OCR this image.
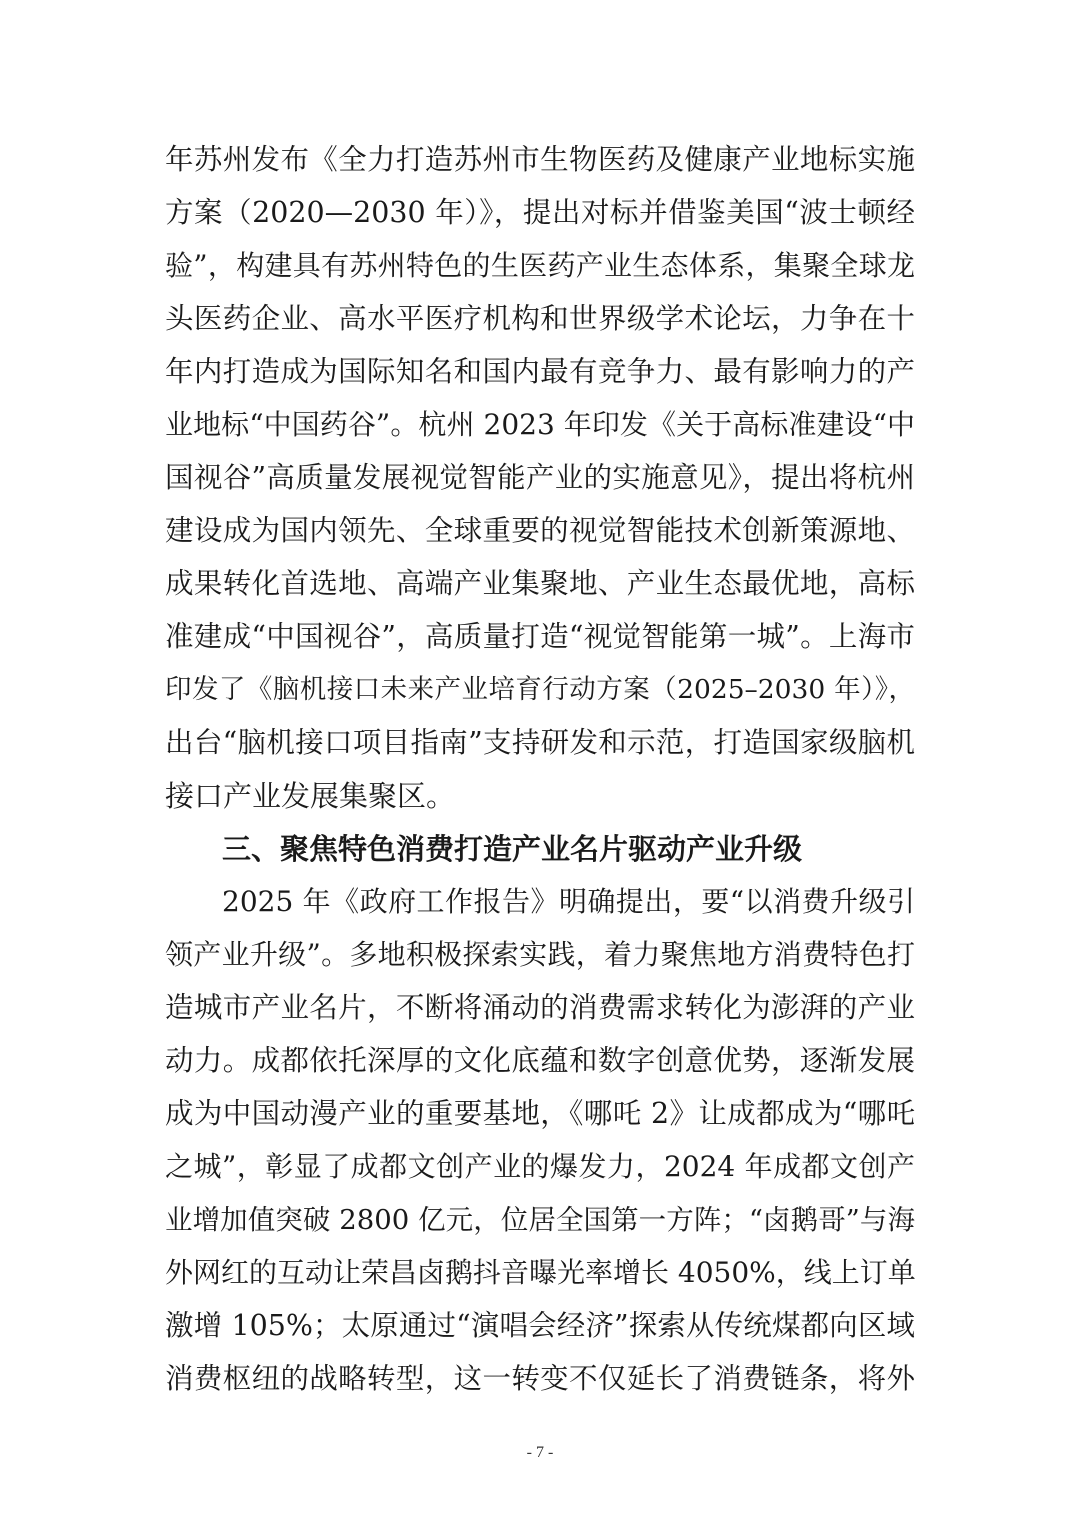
年苏州发布《全力打造苏州市生物医药及健康产业地标实施
方案（2020—2030 年）》，提出对标并借鉴美国“波士顿经
验”，构建具有苏州特色的生医药产业生态体系，集聚全球龙
头医药企业、高水平医疗机构和世界级学术论坛，力争在十
年内打造成为国际知名和国内最有竞争力、最有影响力的产
业地标“中国药谷”。杭州 2023 年印发《关于高标准建设“中
国视谷”高质量发展视觉智能产业的实施意见》，提出将杭州
建设成为国内领先、全球重要的视觉智能技术创新策源地、
成果转化首选地、高端产业集聚地、产业生态最优地，高标
准建成“中国视谷”，高质量打造“视觉智能第一城”。上海市
印发了《脑机接口未来产业培育行动方案（2025–2030 年）》，
出台“脑机接口项目指南”支持研发和示范，打造国家级脑机
接口产业发展集聚区。
三、聚焦特色消费打造产业名片驱动产业升级
2025 年《政府工作报告》明确提出，要“以消费升级引
领产业升级”。多地积极探索实践，着力聚焦地方消费特色打
造城市产业名片，不断将涌动的消费需求转化为澎湃的产业
动力。成都依托深厚的文化底蕴和数字创意优势，逐渐发展
成为中国动漫产业的重要基地，《哪吒 2》让成都成为“哪吒
之城”，彰显了成都文创产业的爆发力，2024 年成都文创产
业增加值突破 2800 亿元，位居全国第一方阵；“卤鹅哥”与海
外网红的互动让荣昌卤鹅抖音曝光率增长 4050%，线上订单
激增 105%；太原通过“演唱会经济”探索从传统煤都向区域
消费枢纽的战略转型，这一转变不仅延长了消费链条，将外
- 7 -
